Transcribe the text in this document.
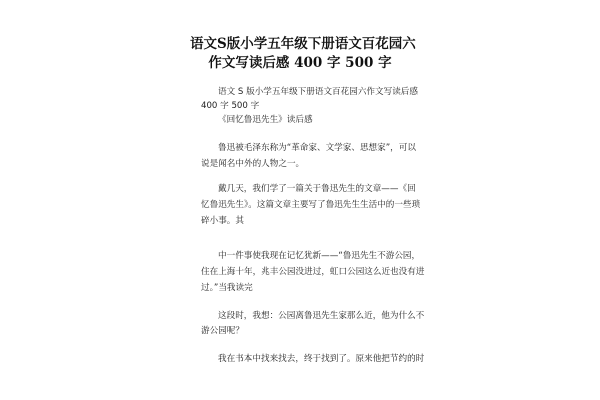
语文S版小学五年级下册语文百花园六
作文写读后感 400 字 500 字

语文 S 版小学五年级下册语文百花园六作文写读后感

400 字 500 字

《回忆鲁迅先生》读后感

鲁迅被毛泽东称为“革命家、文学家、思想家”，可以

说是闻名中外的人物之一。

戴几天，我们学了一篇关于鲁迅先生的文章——《回

忆鲁迅先生》。这篇文章主要写了鲁迅先生生活中的一些琐

碎小事。其

中一件事使我现在记忆犹新——“鲁迅先生不游公园，

住在上海十年，兆丰公园没进过，虹口公园这么近也没有进

过。”当我读完

这段时，我想：公园离鲁迅先生家那么近，他为什么不

游公园呢？

我在书本中找来找去，终于找到了。原来他把节约的时
